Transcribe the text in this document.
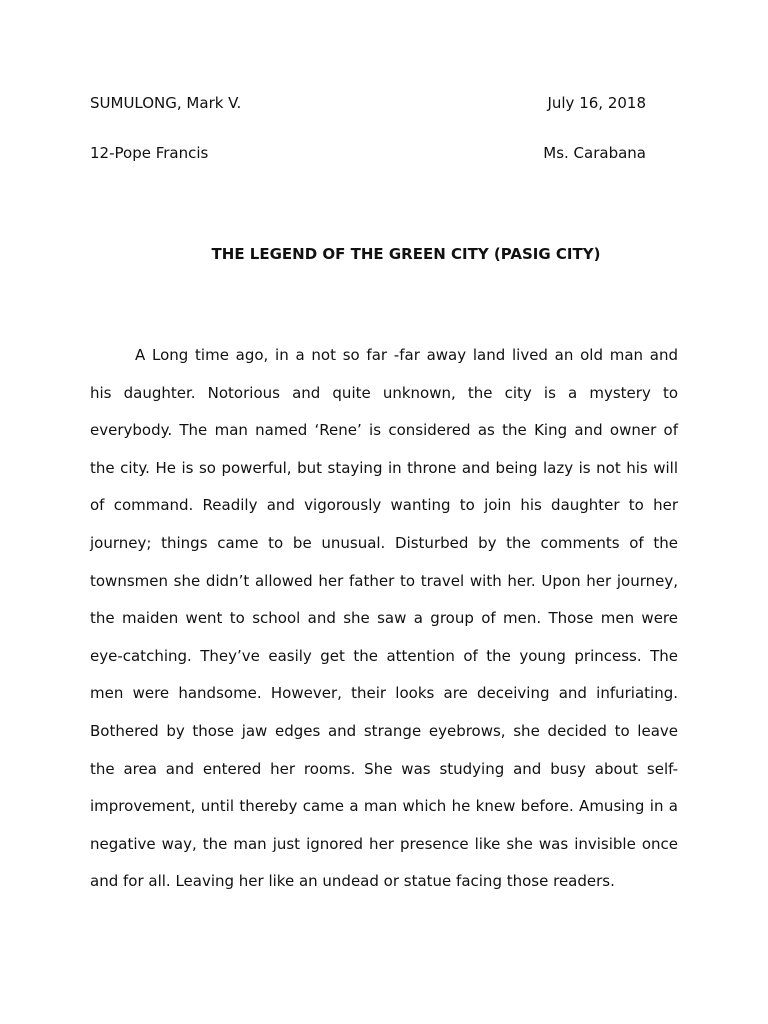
SUMULONG, Mark V.	July 16, 2018
12-Pope Francis	Ms. Carabana
THE LEGEND OF THE GREEN CITY (PASIG CITY)
A Long time ago, in a not so far -far away land lived an old man and
his daughter. Notorious and quite unknown, the city is a mystery to
everybody. The man named ‘Rene’ is considered as the King and owner of
the city. He is so powerful, but staying in throne and being lazy is not his will
of command. Readily and vigorously wanting to join his daughter to her
journey; things came to be unusual. Disturbed by the comments of the
townsmen she didn’t allowed her father to travel with her. Upon her journey,
the maiden went to school and she saw a group of men. Those men were
eye-catching. They’ve easily get the attention of the young princess. The
men were handsome. However, their looks are deceiving and infuriating.
Bothered by those jaw edges and strange eyebrows, she decided to leave
the area and entered her rooms. She was studying and busy about self-
improvement, until thereby came a man which he knew before. Amusing in a
negative way, the man just ignored her presence like she was invisible once
and for all. Leaving her like an undead or statue facing those readers.
